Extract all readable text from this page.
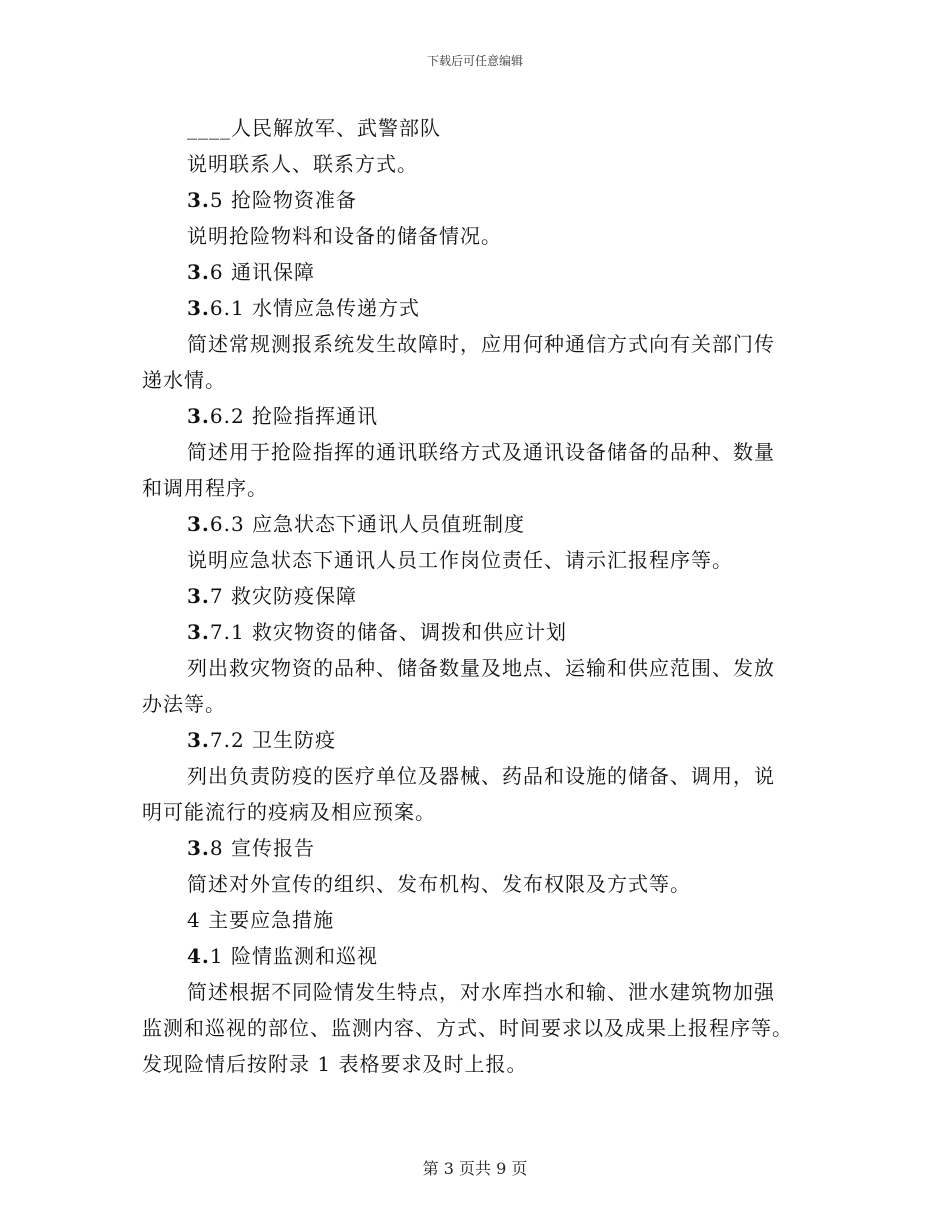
下载后可任意编辑
____人民解放军、武警部队
说明联系人、联系方式。
3.5 抢险物资准备
说明抢险物料和设备的储备情况。
3.6 通讯保障
3.6.1 水情应急传递方式
简述常规测报系统发生故障时，应用何种通信方式向有关部门传
递水情。
3.6.2 抢险指挥通讯
简述用于抢险指挥的通讯联络方式及通讯设备储备的品种、数量
和调用程序。
3.6.3 应急状态下通讯人员值班制度
说明应急状态下通讯人员工作岗位责任、请示汇报程序等。
3.7 救灾防疫保障
3.7.1 救灾物资的储备、调拨和供应计划
列出救灾物资的品种、储备数量及地点、运输和供应范围、发放
办法等。
3.7.2 卫生防疫
列出负责防疫的医疗单位及器械、药品和设施的储备、调用，说
明可能流行的疫病及相应预案。
3.8 宣传报告
简述对外宣传的组织、发布机构、发布权限及方式等。
4 主要应急措施
4.1 险情监测和巡视
简述根据不同险情发生特点，对水库挡水和输、泄水建筑物加强
监测和巡视的部位、监测内容、方式、时间要求以及成果上报程序等。
发现险情后按附录 1 表格要求及时上报。
第 3 页共 9 页
